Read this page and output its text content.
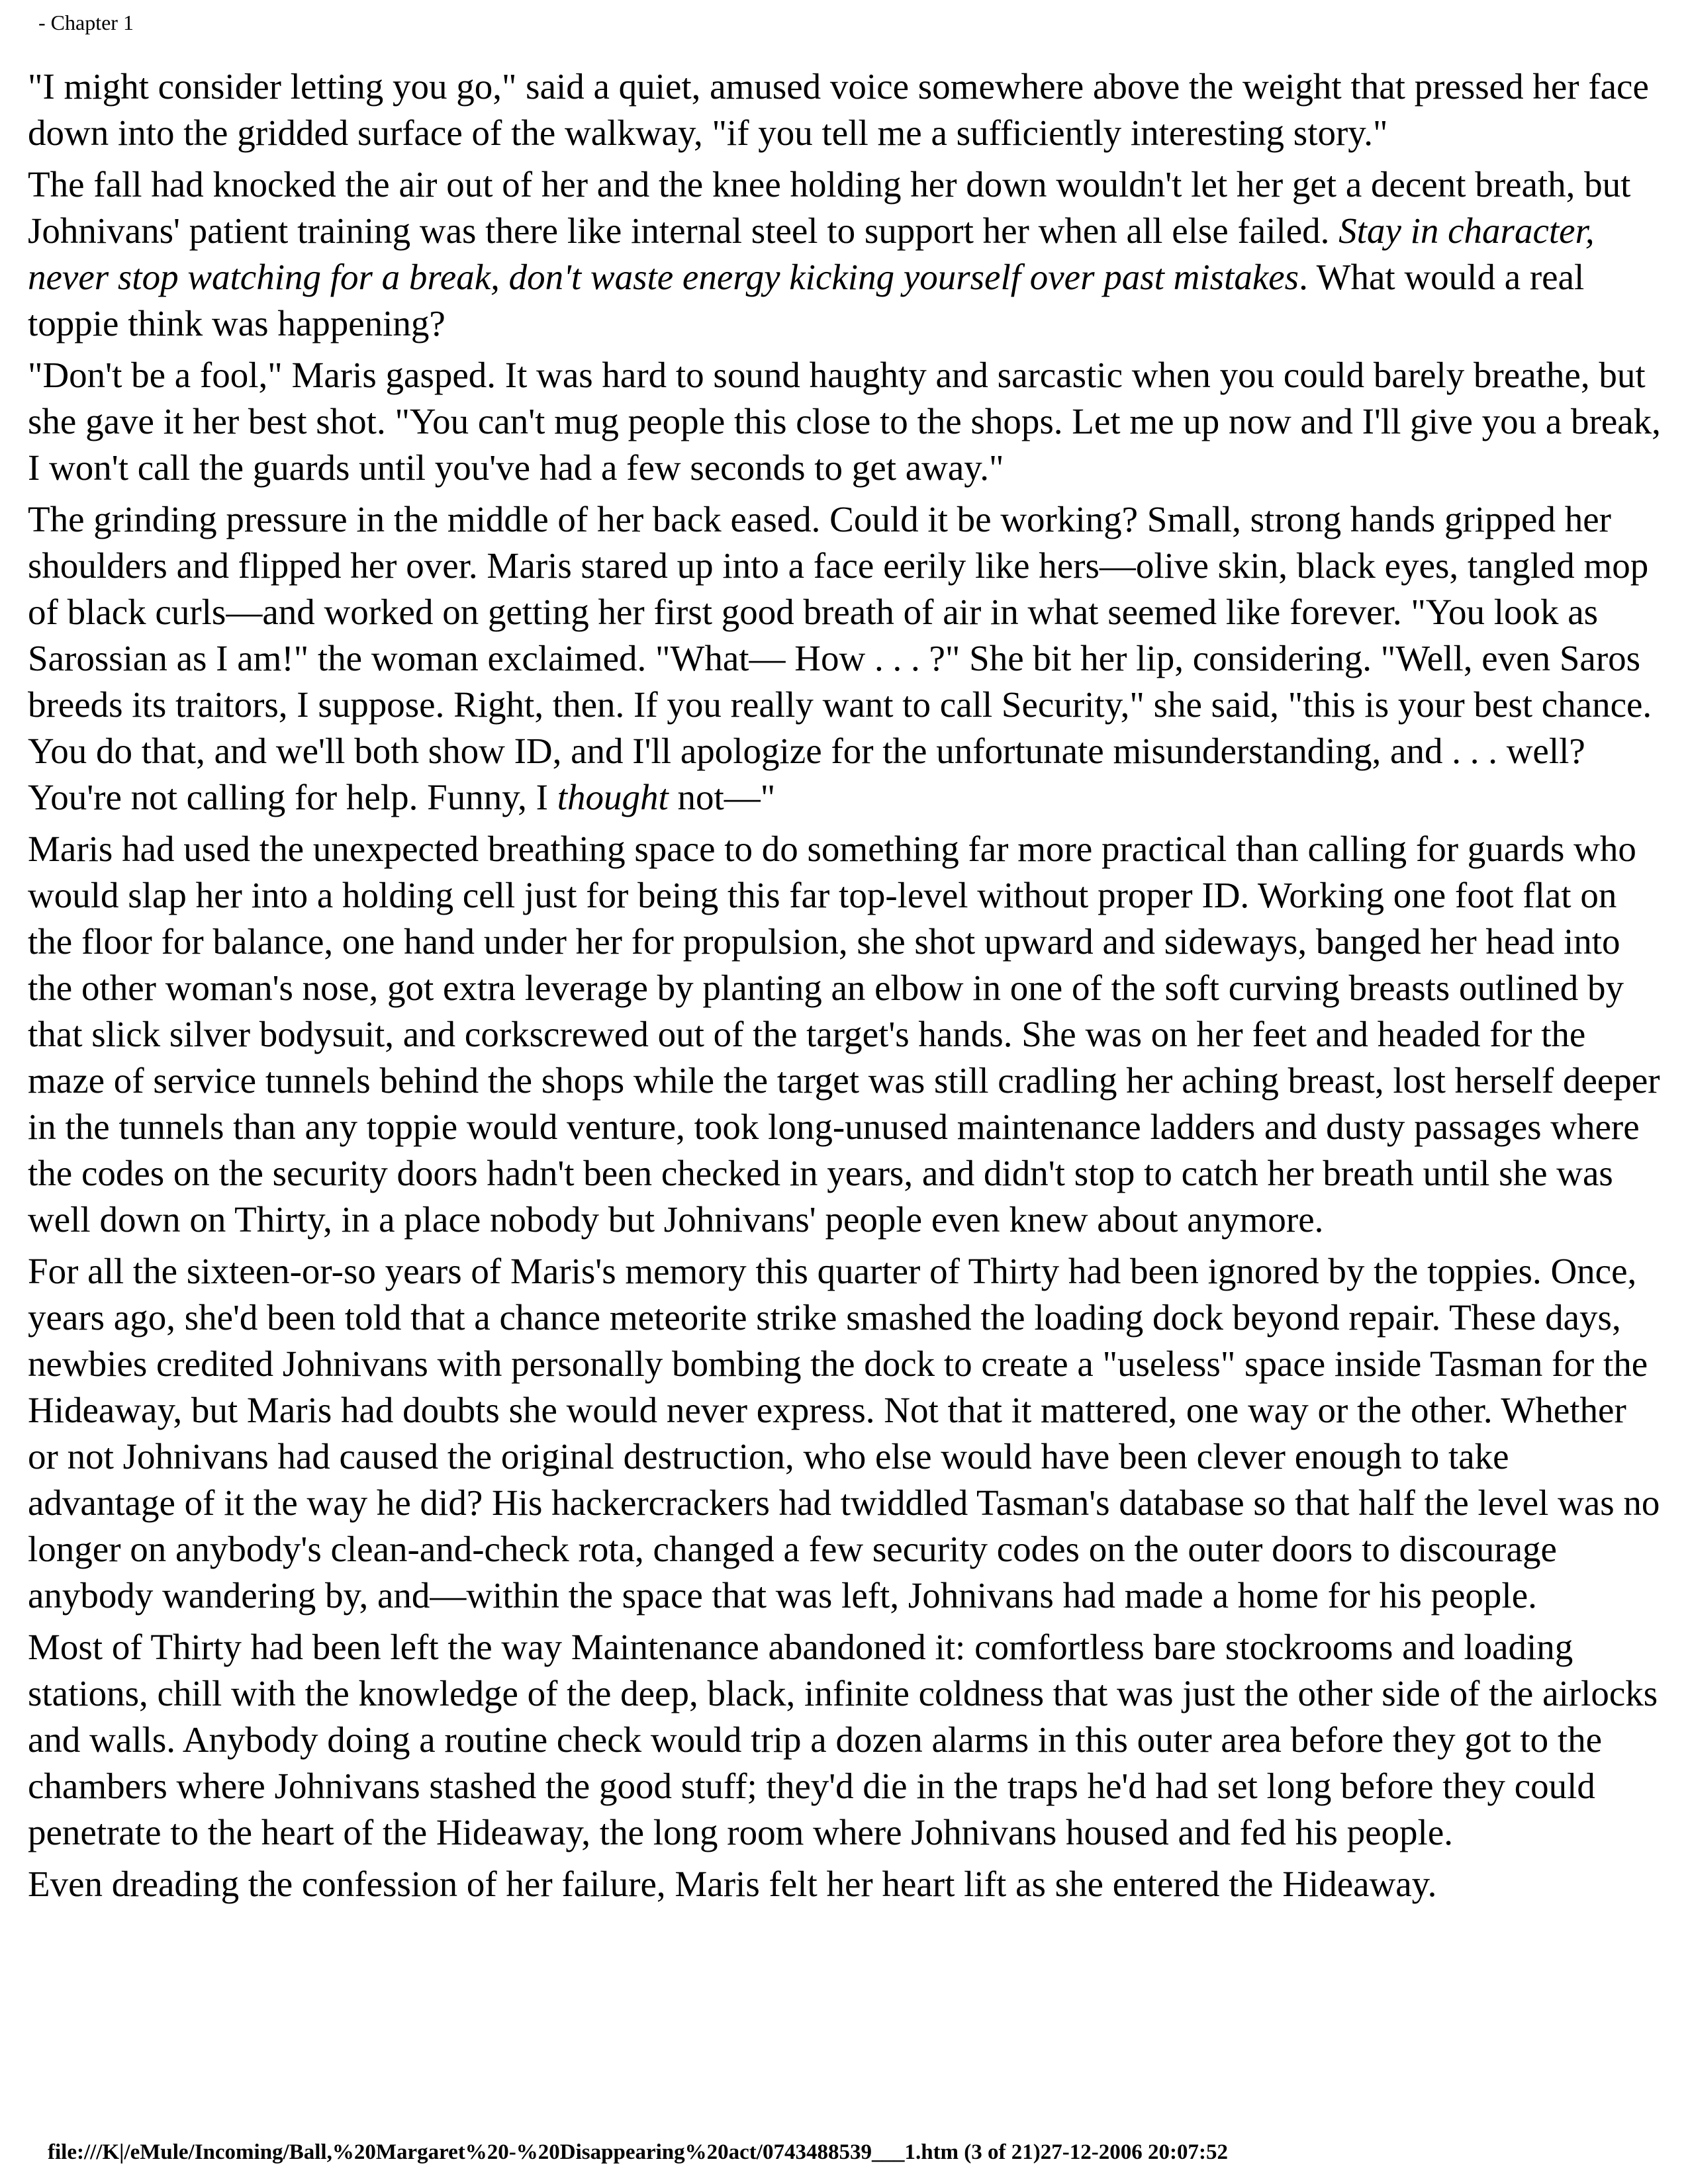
- Chapter 1

"I might consider letting you go," said a quiet, amused voice somewhere above the weight that pressed her face down into the gridded surface of the walkway, "if you tell me a sufficiently interesting story."

The fall had knocked the air out of her and the knee holding her down wouldn't let her get a decent breath, but Johnivans' patient training was there like internal steel to support her when all else failed. Stay in character, never stop watching for a break, don't waste energy kicking yourself over past mistakes. What would a real toppie think was happening?

"Don't be a fool," Maris gasped. It was hard to sound haughty and sarcastic when you could barely breathe, but she gave it her best shot. "You can't mug people this close to the shops. Let me up now and I'll give you a break, I won't call the guards until you've had a few seconds to get away."

The grinding pressure in the middle of her back eased. Could it be working? Small, strong hands gripped her shoulders and flipped her over. Maris stared up into a face eerily like hers—olive skin, black eyes, tangled mop of black curls—and worked on getting her first good breath of air in what seemed like forever. "You look as Sarossian as I am!" the woman exclaimed. "What— How . . . ?" She bit her lip, considering. "Well, even Saros breeds its traitors, I suppose. Right, then. If you really want to call Security," she said, "this is your best chance. You do that, and we'll both show ID, and I'll apologize for the unfortunate misunderstanding, and . . . well? You're not calling for help. Funny, I thought not—"

Maris had used the unexpected breathing space to do something far more practical than calling for guards who would slap her into a holding cell just for being this far top-level without proper ID. Working one foot flat on the floor for balance, one hand under her for propulsion, she shot upward and sideways, banged her head into the other woman's nose, got extra leverage by planting an elbow in one of the soft curving breasts outlined by that slick silver bodysuit, and corkscrewed out of the target's hands. She was on her feet and headed for the maze of service tunnels behind the shops while the target was still cradling her aching breast, lost herself deeper in the tunnels than any toppie would venture, took long-unused maintenance ladders and dusty passages where the codes on the security doors hadn't been checked in years, and didn't stop to catch her breath until she was well down on Thirty, in a place nobody but Johnivans' people even knew about anymore.

For all the sixteen-or-so years of Maris's memory this quarter of Thirty had been ignored by the toppies. Once, years ago, she'd been told that a chance meteorite strike smashed the loading dock beyond repair. These days, newbies credited Johnivans with personally bombing the dock to create a "useless" space inside Tasman for the Hideaway, but Maris had doubts she would never express. Not that it mattered, one way or the other. Whether or not Johnivans had caused the original destruction, who else would have been clever enough to take advantage of it the way he did? His hackercrackers had twiddled Tasman's database so that half the level was no longer on anybody's clean-and-check rota, changed a few security codes on the outer doors to discourage anybody wandering by, and—within the space that was left, Johnivans had made a home for his people.

Most of Thirty had been left the way Maintenance abandoned it: comfortless bare stockrooms and loading stations, chill with the knowledge of the deep, black, infinite coldness that was just the other side of the airlocks and walls. Anybody doing a routine check would trip a dozen alarms in this outer area before they got to the chambers where Johnivans stashed the good stuff; they'd die in the traps he'd had set long before they could penetrate to the heart of the Hideaway, the long room where Johnivans housed and fed his people.

Even dreading the confession of her failure, Maris felt her heart lift as she entered the Hideaway.

file:///K|/eMule/Incoming/Ball,%20Margaret%20-%20Disappearing%20act/0743488539___1.htm (3 of 21)27-12-2006 20:07:52
